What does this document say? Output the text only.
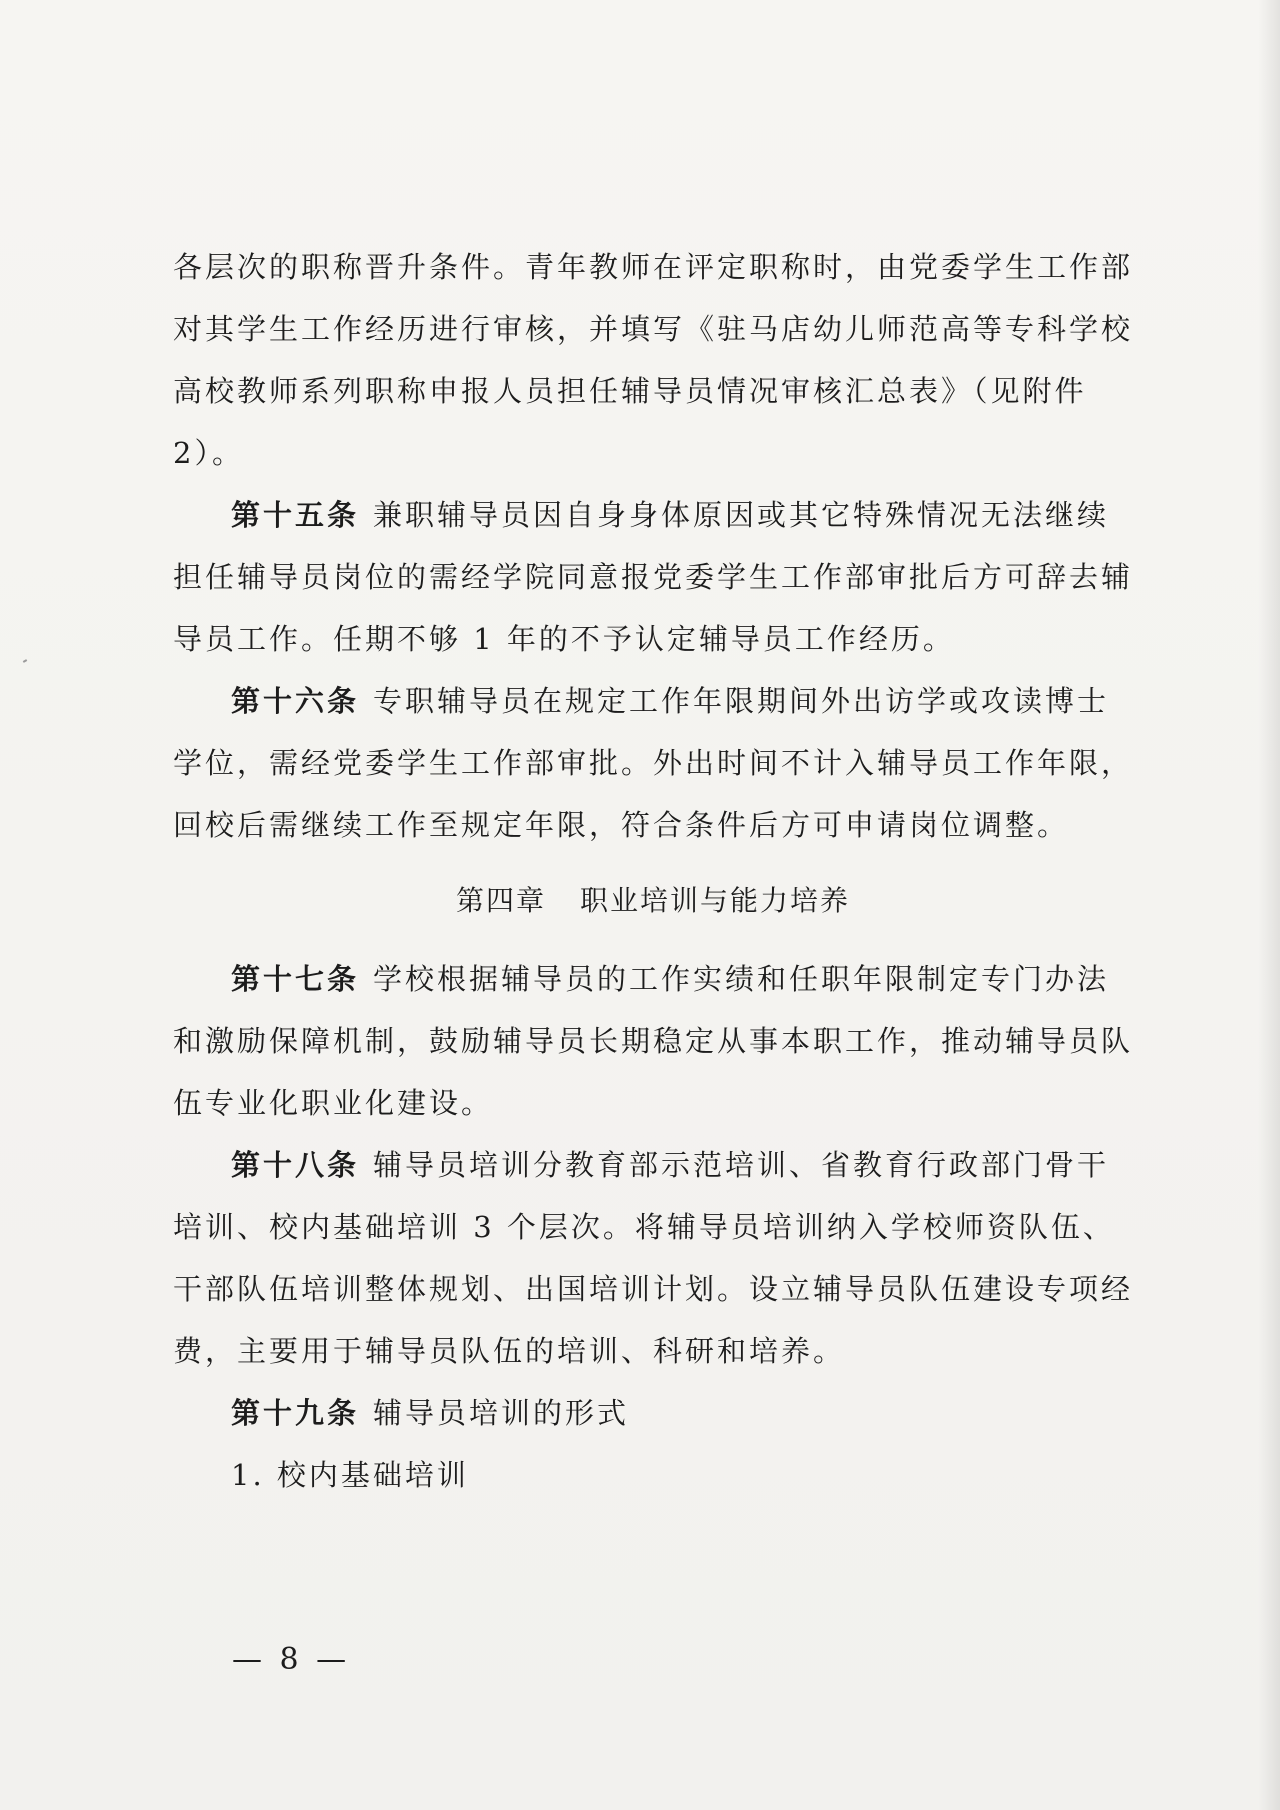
各层次的职称晋升条件。青年教师在评定职称时，由党委学生工作部对其学生工作经历进行审核，并填写《驻马店幼儿师范高等专科学校高校教师系列职称申报人员担任辅导员情况审核汇总表》（见附件 2）。

第十五条 兼职辅导员因自身身体原因或其它特殊情况无法继续担任辅导员岗位的需经学院同意报党委学生工作部审批后方可辞去辅导员工作。任期不够 1 年的不予认定辅导员工作经历。

第十六条 专职辅导员在规定工作年限期间外出访学或攻读博士学位，需经党委学生工作部审批。外出时间不计入辅导员工作年限，回校后需继续工作至规定年限，符合条件后方可申请岗位调整。

第四章 职业培训与能力培养

第十七条 学校根据辅导员的工作实绩和任职年限制定专门办法和激励保障机制，鼓励辅导员长期稳定从事本职工作，推动辅导员队伍专业化职业化建设。

第十八条 辅导员培训分教育部示范培训、省教育行政部门骨干培训、校内基础培训 3 个层次。将辅导员培训纳入学校师资队伍、干部队伍培训整体规划、出国培训计划。设立辅导员队伍建设专项经费，主要用于辅导员队伍的培训、科研和培养。

第十九条 辅导员培训的形式

1. 校内基础培训

— 8 —
